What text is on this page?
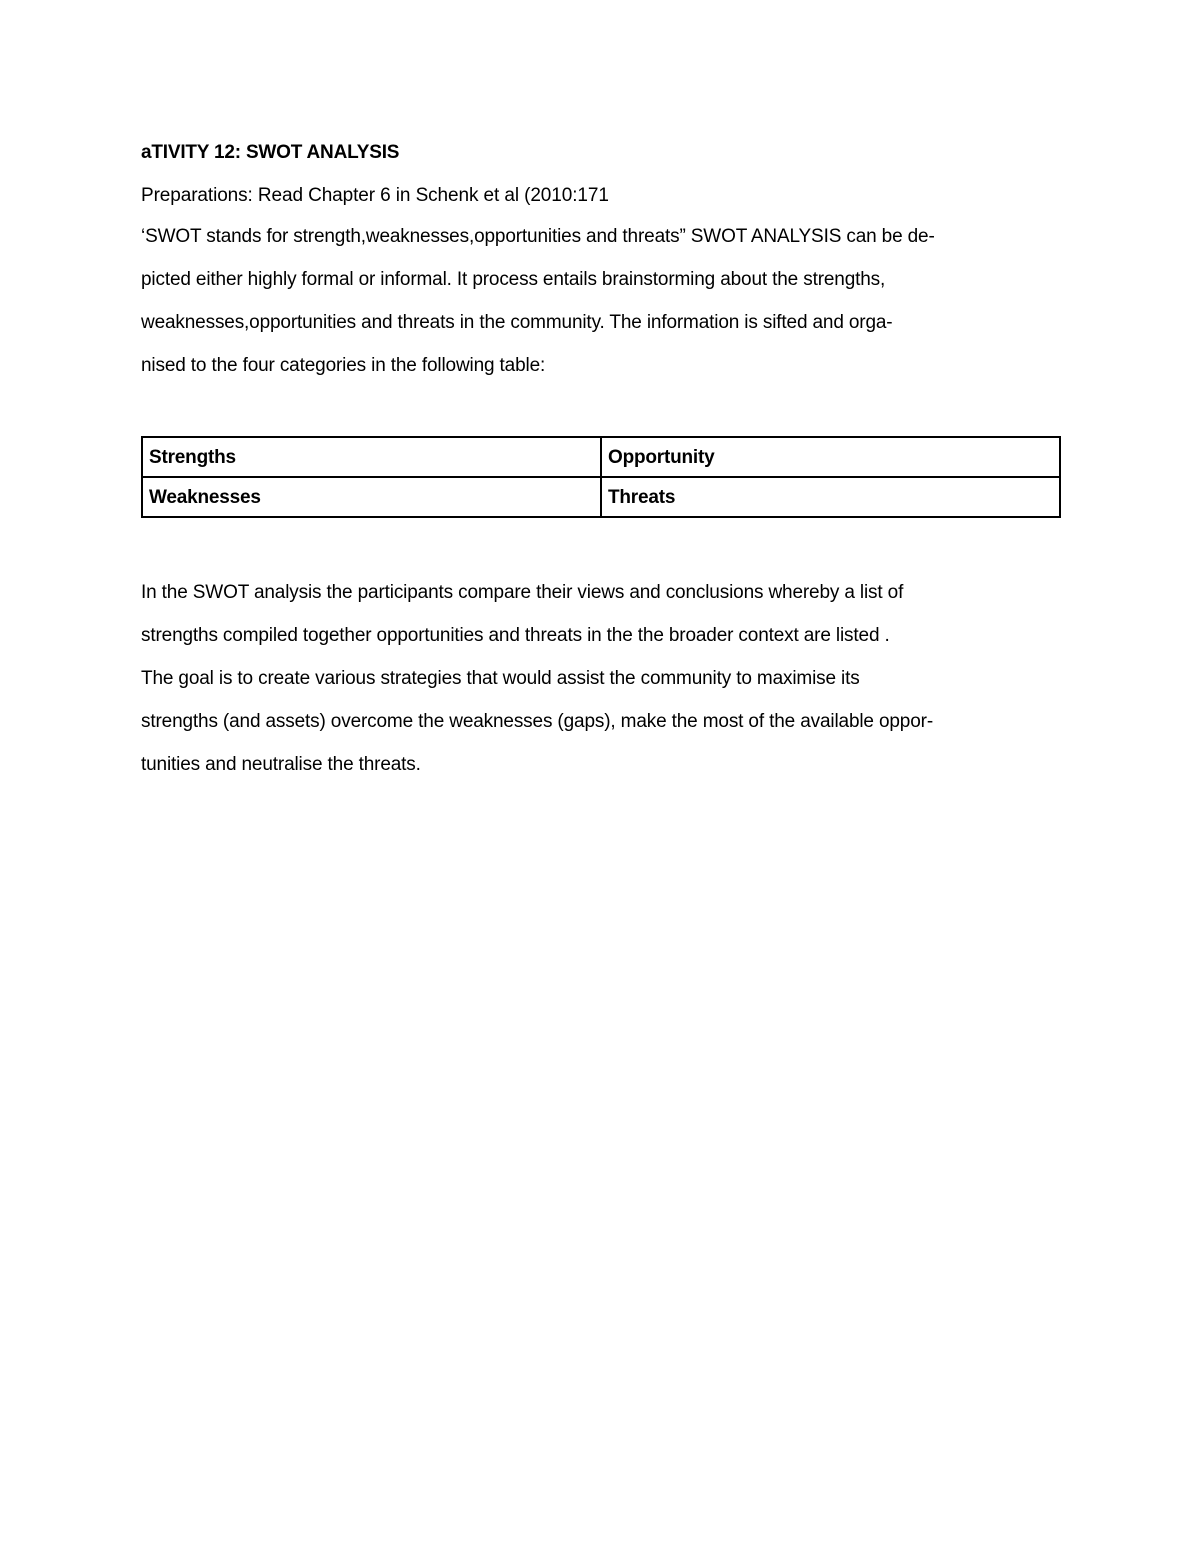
aTIVITY 12: SWOT ANALYSIS

Preparations: Read Chapter 6 in Schenk et al (2010:171

‘SWOT stands for strength,weaknesses,opportunities and threats” SWOT ANALYSIS can be de-

picted either highly formal or informal. It process entails brainstorming about the strengths,

weaknesses,opportunities and threats in the community. The information is sifted and orga-

nised to the four categories in the following table:

Strengths	Opportunity
Weaknesses	Threats

In the SWOT analysis the participants compare their views and conclusions whereby a list of

strengths compiled together opportunities and threats in the the broader context are listed .

The goal is to create various strategies that would assist the community to maximise its

strengths (and assets) overcome the weaknesses (gaps), make the most of the available oppor-

tunities and neutralise the threats.
